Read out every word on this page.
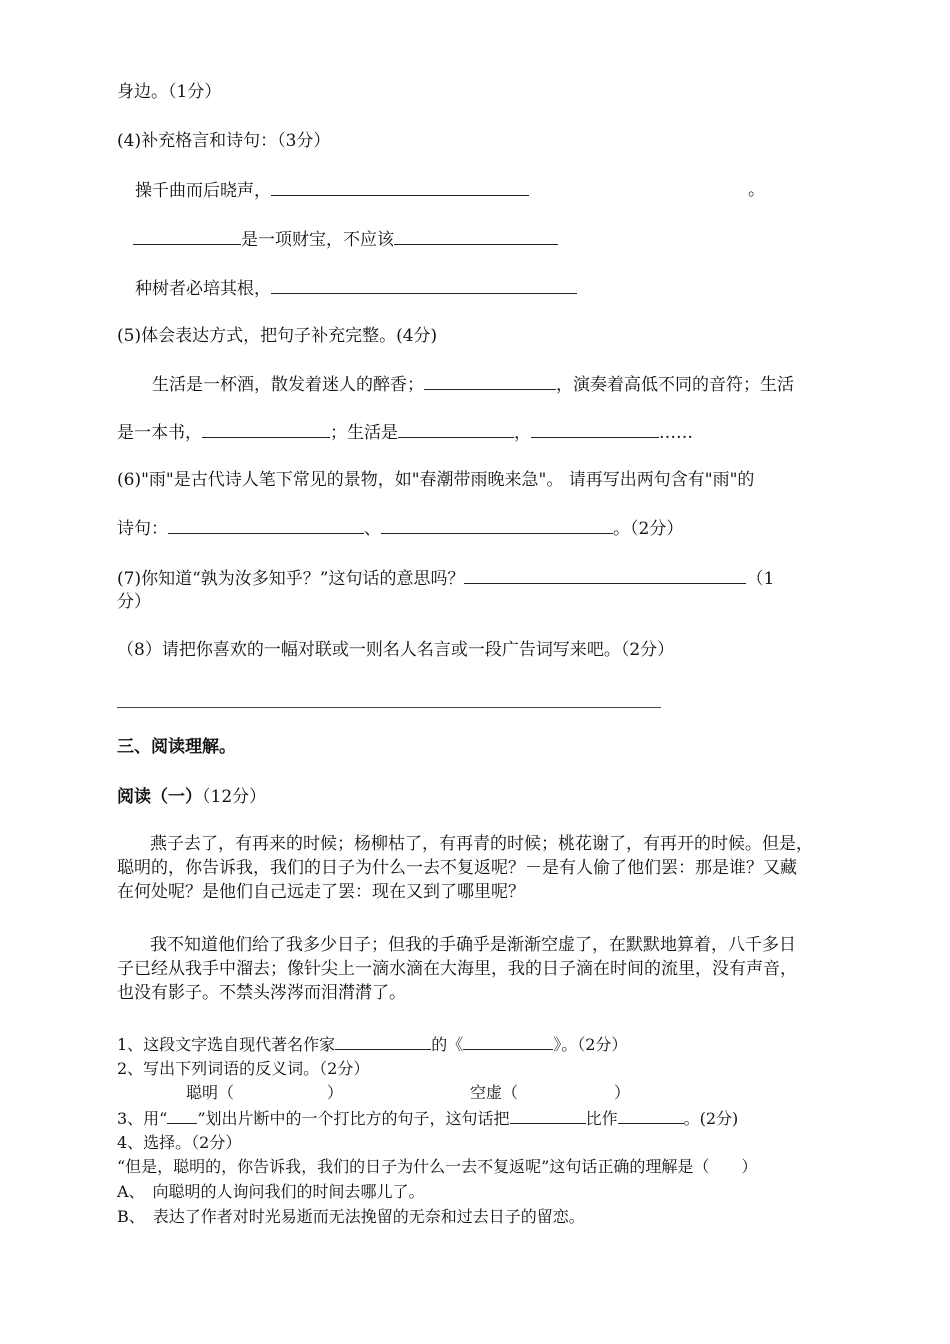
身边。（1分）
(4)补充格言和诗句：（3分）
操千曲而后晓声，	。
是一项财宝，不应该
种树者必培其根，
(5)体会表达方式，把句子补充完整。(4分)
生活是一杯酒，散发着迷人的醉香；	，演奏着高低不同的音符；生活
是一本书，	；生活是	，	……
(6)"雨"是古代诗人笔下常见的景物，如"春潮带雨晚来急"。 请再写出两句含有"雨"的
诗句：	、	。（2分）
(7)你知道“孰为汝多知乎？”这句话的意思吗？	（1
分）
（8）请把你喜欢的一幅对联或一则名人名言或一段广告词写来吧。（2分）
三、阅读理解。
阅读（一）（12分）
燕子去了，有再来的时候；杨柳枯了，有再青的时候；桃花谢了，有再开的时候。但是，
聪明的，你告诉我，我们的日子为什么一去不复返呢？－是有人偷了他们罢：那是谁？又藏
在何处呢？是他们自己远走了罢：现在又到了哪里呢？
我不知道他们给了我多少日子；但我的手确乎是渐渐空虚了，在默默地算着，八千多日
子已经从我手中溜去；像针尖上一滴水滴在大海里，我的日子滴在时间的流里，没有声音，
也没有影子。不禁头涔涔而泪潸潸了。
1、这段文字选自现代著名作家	的《	》。（2分）
2、写出下列词语的反义词。（2分）
聪明（	）	空虚（	）
3、用“ ”划出片断中的一个打比方的句子，这句话把	比作	。(2分)
4、选择。（2分）
“但是，聪明的，你告诉我，我们的日子为什么一去不复返呢”这句话正确的理解是（　　）
A、　向聪明的人询问我们的时间去哪儿了。
B、　表达了作者对时光易逝而无法挽留的无奈和过去日子的留恋。
